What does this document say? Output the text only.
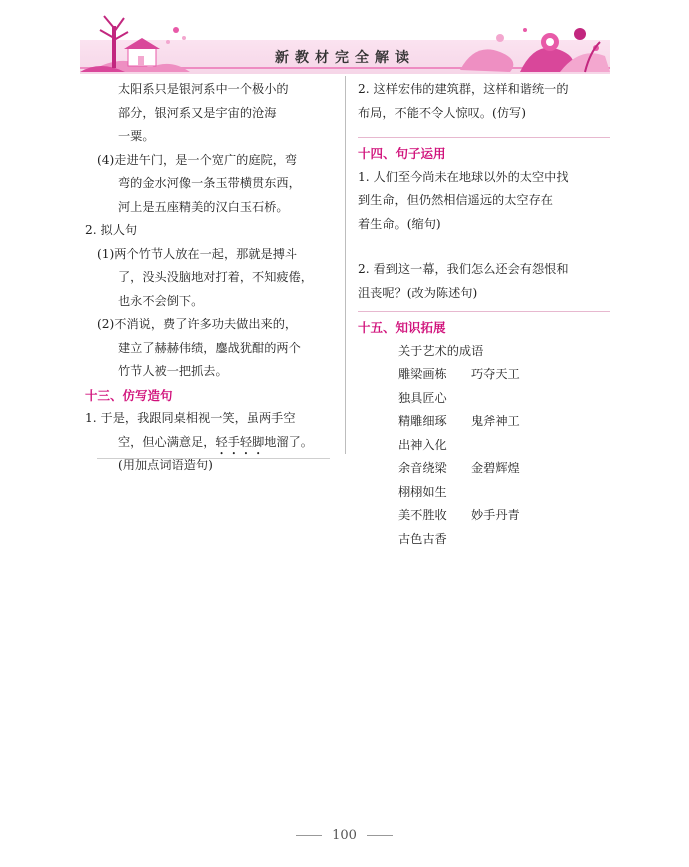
新教材完全解读

太阳系只是银河系中一个极小的

部分，银河系又是宇宙的沧海

一粟。

(4)走进午门，是一个宽广的庭院，弯

弯的金水河像一条玉带横贯东西，

河上是五座精美的汉白玉石桥。

2. 拟人句

(1)两个竹节人放在一起，那就是搏斗

了，没头没脑地对打着，不知疲倦，

也永不会倒下。

(2)不消说，费了许多功夫做出来的，

建立了赫赫伟绩，鏖战犹酣的两个

竹节人被一把抓去。

十三、仿写造句

1. 于是，我跟同桌相视一笑，虽两手空

空，但心满意足，轻手轻脚地溜了。

(用加点词语造句)

2. 这样宏伟的建筑群，这样和谐统一的

布局，不能不令人惊叹。(仿写)

十四、句子运用

1. 人们至今尚未在地球以外的太空中找

到生命，但仍然相信遥远的太空存在

着生命。(缩句)

2. 看到这一幕，我们怎么还会有怨恨和

沮丧呢？(改为陈述句)

十五、知识拓展

关于艺术的成语

雕梁画栋 巧夺天工独具匠心

精雕细琢 鬼斧神工出神入化

余音绕梁 金碧辉煌栩栩如生

美不胜收 妙手丹青古色古香

100
